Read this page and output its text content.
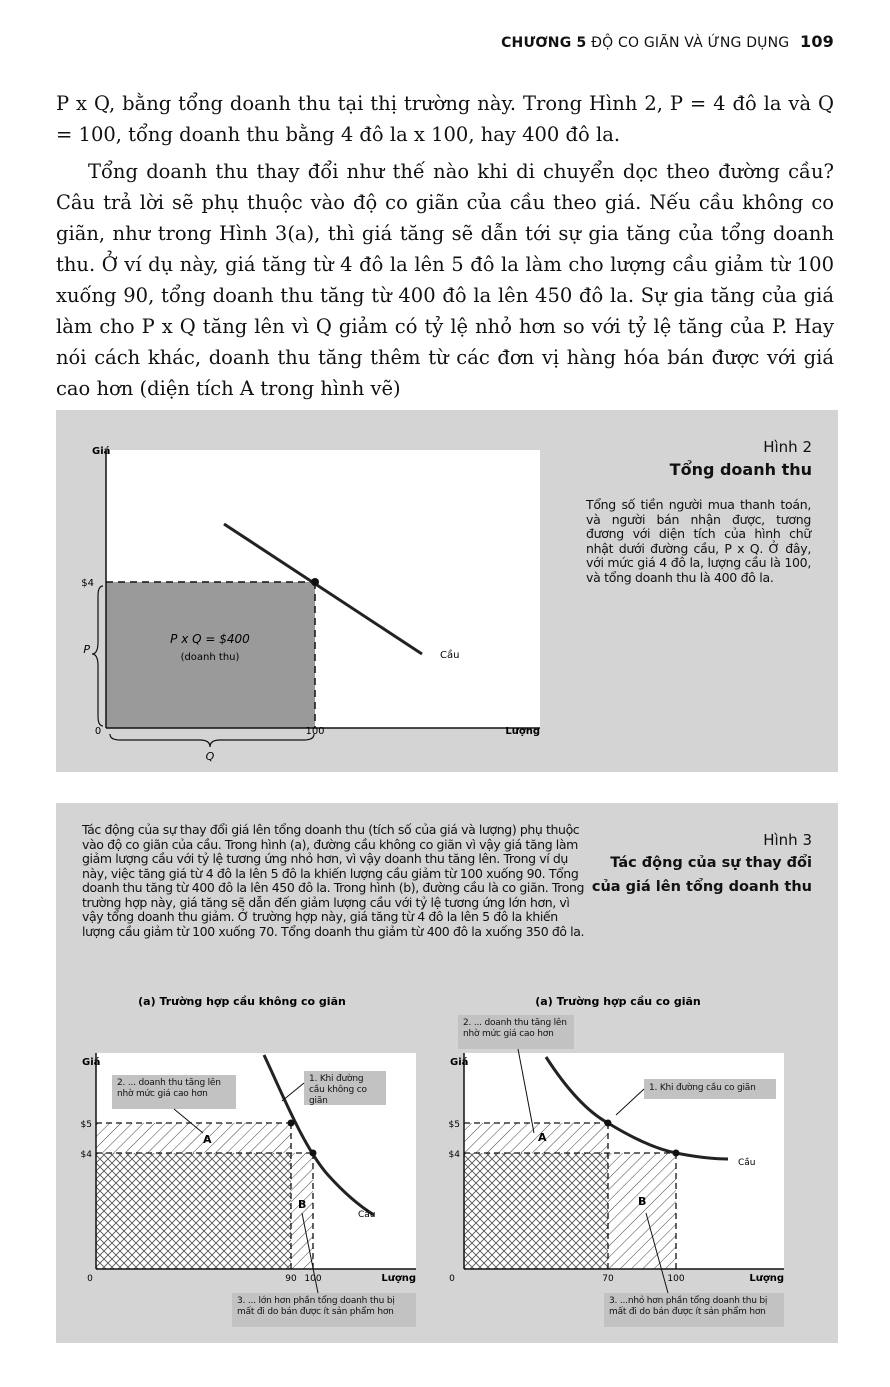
CHƯƠNG 5 ĐỘ CO GIÃN VÀ ỨNG DỤNG 109

P x Q, bằng tổng doanh thu tại thị trường này. Trong Hình 2, P = 4 đô la và Q = 100, tổng doanh thu bằng 4 đô la x 100, hay 400 đô la.

Tổng doanh thu thay đổi như thế nào khi di chuyển dọc theo đường cầu? Câu trả lời sẽ phụ thuộc vào độ co giãn của cầu theo giá. Nếu cầu không co giãn, như trong Hình 3(a), thì giá tăng sẽ dẫn tới sự gia tăng của tổng doanh thu. Ở ví dụ này, giá tăng từ 4 đô la lên 5 đô la làm cho lượng cầu giảm từ 100 xuống 90, tổng doanh thu tăng từ 400 đô la lên 450 đô la. Sự gia tăng của giá làm cho P x Q tăng lên vì Q giảm có tỷ lệ nhỏ hơn so với tỷ lệ tăng của P. Hay nói cách khác, doanh thu tăng thêm từ các đơn vị hàng hóa bán được với giá cao hơn (diện tích A trong hình vẽ)

Giá
$4
P
0	100
Q
P x Q = $400
(doanh thu)	Cầu
Lượng
Hình 2
Tổng doanh thu
Tổng số tiền người mua thanh toán, và người bán nhận được, tương đương với diện tích của hình chữ nhật dưới đường cầu, P x Q. Ở đây, với mức giá 4 đô la, lượng cầu là 100, và tổng doanh thu là 400 đô la.
Tác động của sự thay đổi giá lên tổng doanh thu (tích số của giá và lượng) phụ thuộc vào độ co giãn của cầu. Trong hình (a), đường cầu không co giãn vì vậy giá tăng làm giảm lượng cầu với tỷ lệ tương ứng nhỏ hơn, vì vậy doanh thu tăng lên. Trong ví dụ này, việc tăng giá từ 4 đô la lên 5 đô la khiến lượng cầu giảm từ 100 xuống 90. Tổng doanh thu tăng từ 400 đô la lên 450 đô la. Trong hình (b), đường cầu là co giãn. Trong trường hợp này, giá tăng sẽ dẫn đến giảm lượng cầu với tỷ lệ tương ứng lớn hơn, vì vậy tổng doanh thu giảm. Ở trường hợp này, giá tăng từ 4 đô la lên 5 đô la khiến lượng cầu giảm từ 100 xuống 70. Tổng doanh thu giảm từ 400 đô la xuống 350 đô la.
Hình 3
Tác động của sự thay đổi
của giá lên tổng doanh thu
(a) Trường hợp cầu không co giãn
Giá
$5
$4
0	90 100	Lượng
A
B
Cầu
2. ... doanh thu tăng lên nhờ mức giá cao hơn
1. Khi đường cầu không co giãn
3. ... lớn hơn phần tổng doanh thu bị mất đi do bán được ít sản phẩm hơn
(a) Trường hợp cầu co giãn
Giá
$5
$4
0	70	100	Lượng
A
B
Cầu
2. ... doanh thu tăng lên nhờ mức giá cao hơn
1. Khi đường cầu co giãn
3. ...nhỏ hơn phần tổng doanh thu bị mất đi do bán được ít sản phẩm hơn
